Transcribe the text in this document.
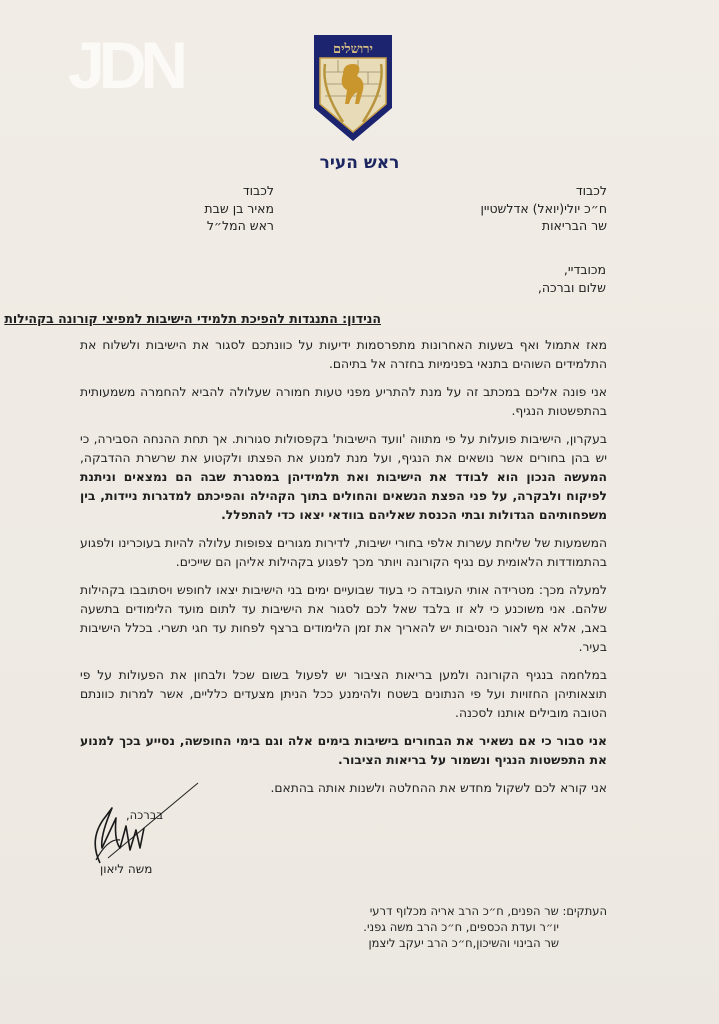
JDN	ירושלים
ראש העיר
לכבוד
ח״כ יולי(יואל) אדלשטיין
שר הבריאות
לכבוד
מאיר בן שבת
ראש המל״ל
מכובדיי,
שלום וברכה,
הנידון: התנגדות להפיכת תלמידי הישיבות למפיצי קורונה בקהילות

מאז אתמול ואף בשעות האחרונות מתפרסמות ידיעות על כוונתכם לסגור את הישיבות ולשלוח את התלמידים השוהים בתנאי בפנימיות בחזרה אל בתיהם.

אני פונה אליכם במכתב זה על מנת להתריע מפני טעות חמורה שעלולה להביא להחמרה משמעותית בהתפשטות הנגיף.

בעקרון, הישיבות פועלות על פי מתווה 'וועד הישיבות' בקפסולות סגורות. אך תחת ההנחה הסבירה, כי יש בהן בחורים אשר נושאים את הנגיף, ועל מנת למנוע את הפצתו ולקטוע את שרשרת ההדבקה, המעשה הנכון הוא לבודד את הישיבות ואת תלמידיהן במסגרת שבה הם נמצאים וניתנת לפיקוח ולבקרה, על פני הפצת הנשאים והחולים בתוך הקהילה והפיכתם למדגרות ניידות, בין משפחותיהם הגדולות ובתי הכנסת שאליהם בוודאי יצאו כדי להתפלל.

המשמעות של שליחת עשרות אלפי בחורי ישיבות, לדירות מגורים צפופות עלולה להיות בעוכרינו ולפגוע בהתמודדות הלאומית עם נגיף הקורונה ויותר מכך לפגוע בקהילות אליהן הם שייכים.

למעלה מכך: מטרידה אותי העובדה כי בעוד שבועיים ימים בני הישיבות יצאו לחופש ויסתובבו בקהילות שלהם. אני משוכנע כי לא זו בלבד שאל לכם לסגור את הישיבות עד לתום מועד הלימודים בתשעה באב, אלא אף לאור הנסיבות יש להאריך את זמן הלימודים ברצף לפחות עד חגי תשרי. בכלל הישיבות בעיר.

במלחמה בנגיף הקורונה ולמען בריאות הציבור יש לפעול בשום שכל ולבחון את הפעולות על פי תוצאותיהן החזויות ועל פי הנתונים בשטח ולהימנע ככל הניתן מצעדים כלליים, אשר למרות כוונתם הטובה מובילים אותנו לסכנה.

אני סבור כי אם נשאיר את הבחורים בישיבות בימים אלה וגם בימי החופשה, נסייע בכך למנוע את התפשטות הנגיף ונשמור על בריאות הציבור.

אני קורא לכם לשקול מחדש את ההחלטה ולשנות אותה בהתאם.

בברכה,
משה ליאון
העתקים: שר הפנים, ח״כ הרב אריה מכלוף דרעי
יו״ר ועדת הכספים, ח״כ הרב משה גפני.
שר הבינוי והשיכון,ח״כ הרב יעקב ליצמן
